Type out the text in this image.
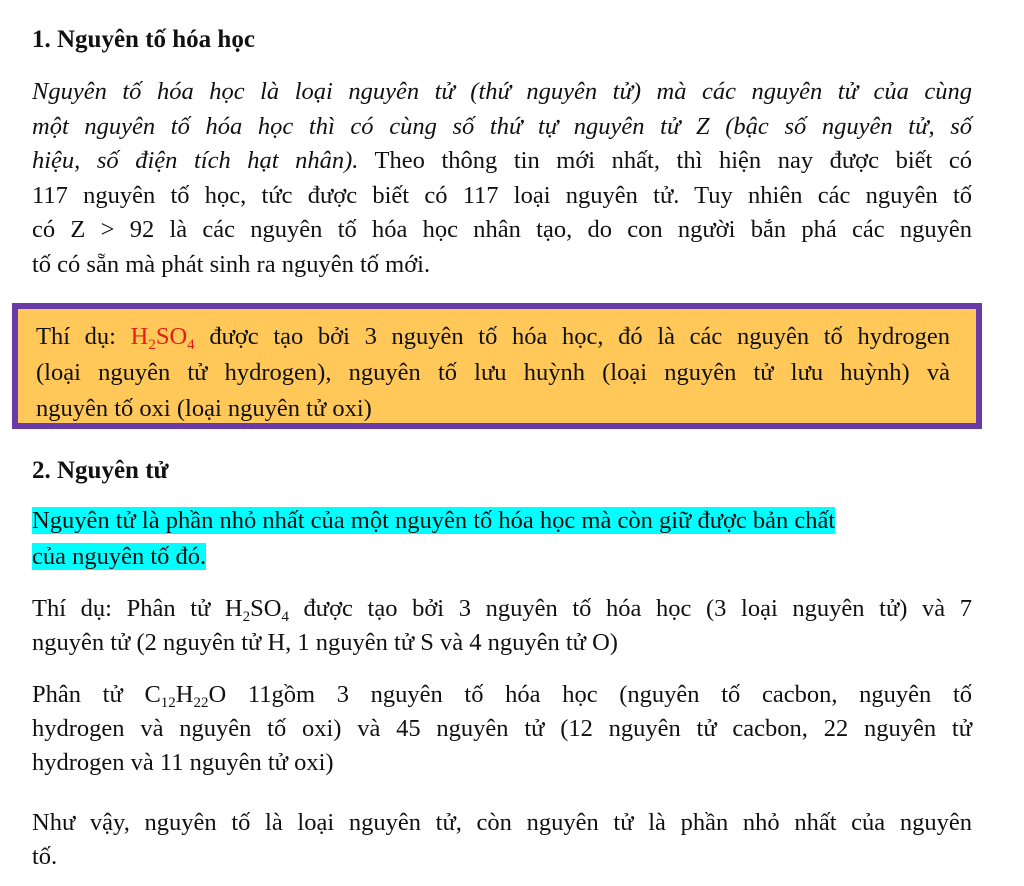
1. Nguyên tố hóa học
Nguyên tố hóa học là loại nguyên tử (thứ nguyên tử) mà các nguyên tử của cùng
một nguyên tố hóa học thì có cùng số thứ tự nguyên tử Z (bậc số nguyên tử, số
hiệu, số điện tích hạt nhân). Theo thông tin mới nhất, thì hiện nay được biết có
117 nguyên tố học, tức được biết có 117 loại nguyên tử. Tuy nhiên các nguyên tố
có Z > 92 là các nguyên tố hóa học nhân tạo, do con người bắn phá các nguyên
tố có sẵn mà phát sinh ra nguyên tố mới.
Thí dụ: $H_2SO_4$ được tạo bởi 3 nguyên tố hóa học, đó là các nguyên tố hydrogen
(loại nguyên tử hydrogen), nguyên tố lưu huỳnh (loại nguyên tử lưu huỳnh) và
nguyên tố oxi (loại nguyên tử oxi)
2. Nguyên tử
Nguyên tử là phần nhỏ nhất của một nguyên tố hóa học mà còn giữ được bản chất
của nguyên tố đó.
Thí dụ: Phân tử $H_2SO_4$ được tạo bởi 3 nguyên tố hóa học (3 loại nguyên tử) và 7
nguyên tử (2 nguyên tử H, 1 nguyên tử S và 4 nguyên tử O)
Phân tử $C_{12}H_{22}O$ 11gồm 3 nguyên tố hóa học (nguyên tố cacbon, nguyên tố
hydrogen và nguyên tố oxi) và 45 nguyên tử (12 nguyên tử cacbon, 22 nguyên tử
hydrogen và 11 nguyên tử oxi)
Như vậy, nguyên tố là loại nguyên tử, còn nguyên tử là phần nhỏ nhất của nguyên
tố.
